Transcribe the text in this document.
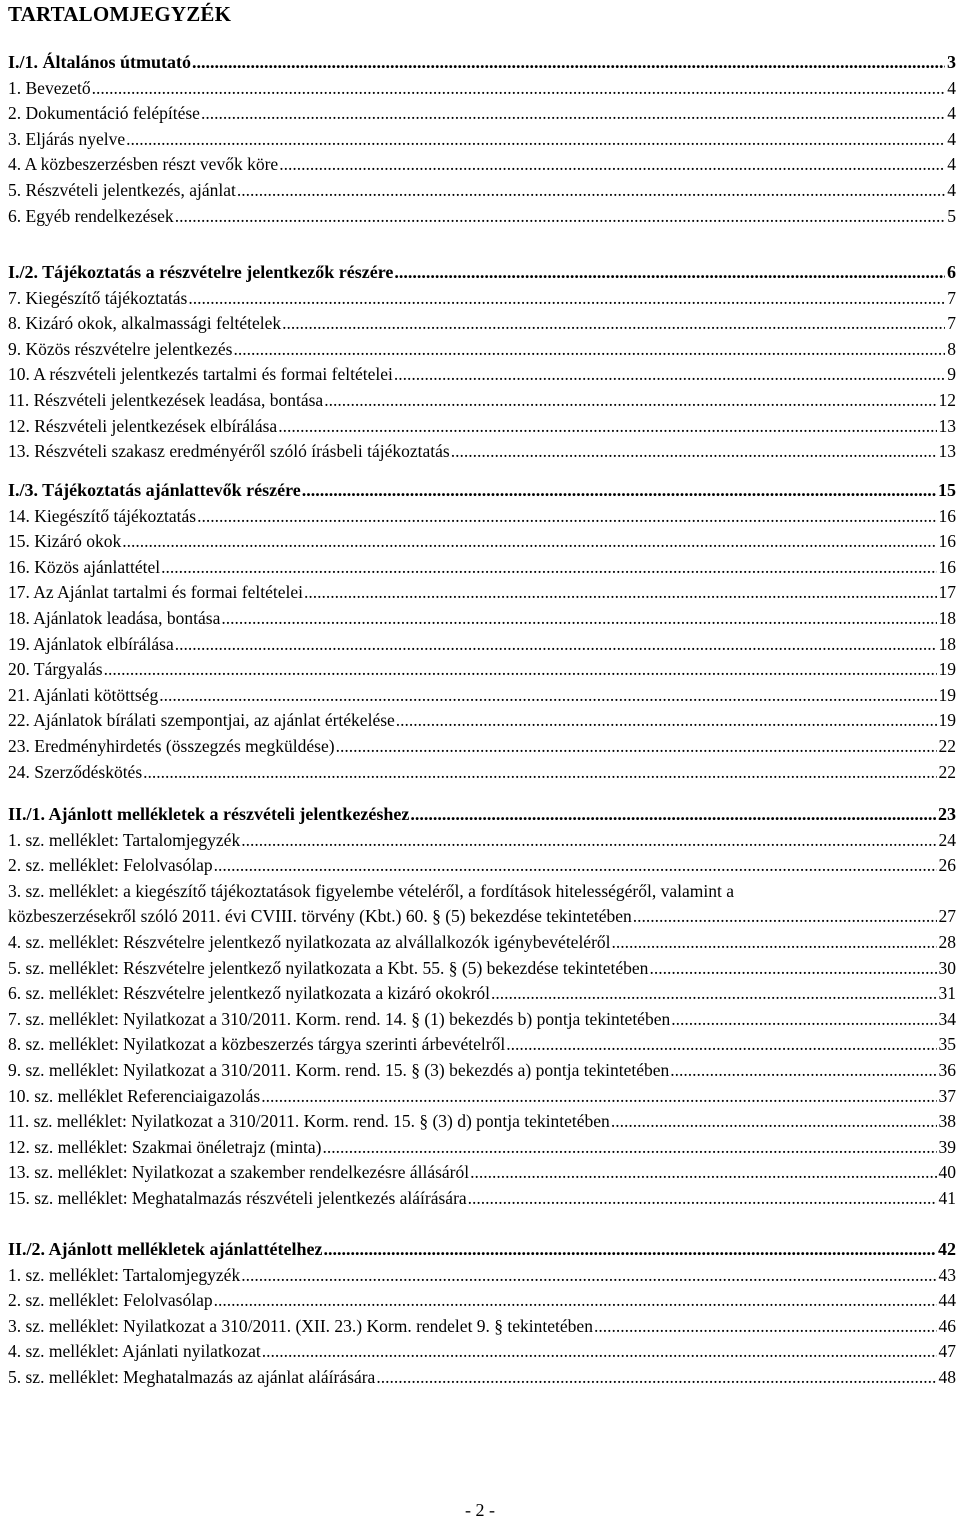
TARTALOMJEGYZÉK
I./1. Általános útmutató .....	3
1. Bevezető .....	4
2. Dokumentáció felépítése .....	4
3. Eljárás nyelve .....	4
4. A közbeszerzésben részt vevők köre .....	4
5. Részvételi jelentkezés, ajánlat .....	4
6. Egyéb rendelkezések .....	5
I./2. Tájékoztatás a részvételre jelentkezők részére .....	6
7. Kiegészítő tájékoztatás .....	7
8. Kizáró okok, alkalmassági feltételek .....	7
9. Közös részvételre jelentkezés .....	8
10. A részvételi jelentkezés tartalmi és formai feltételei .....	9
11. Részvételi jelentkezések leadása, bontása .....	12
12. Részvételi jelentkezések elbírálása .....	13
13. Részvételi szakasz eredményéről szóló írásbeli tájékoztatás .....	13
I./3. Tájékoztatás ajánlattevők részére .....	15
14. Kiegészítő tájékoztatás .....	16
15. Kizáró okok .....	16
16. Közös ajánlattétel .....	16
17. Az Ajánlat tartalmi és formai feltételei .....	17
18. Ajánlatok leadása, bontása .....	18
19. Ajánlatok elbírálása .....	18
20. Tárgyalás .....	19
21. Ajánlati kötöttség .....	19
22. Ajánlatok bírálati szempontjai, az ajánlat értékelése .....	19
23. Eredményhirdetés (összegzés megküldése) .....	22
24. Szerződéskötés .....	22
II./1. Ajánlott mellékletek a részvételi jelentkezéshez .....	23
1. sz. melléklet: Tartalomjegyzék .....	24
2. sz. melléklet: Felolvasólap .....	26
3. sz. melléklet: a kiegészítő tájékoztatások figyelembe vételéről, a fordítások hitelességéről, valamint a
közbeszerzésekről szóló 2011. évi CVIII. törvény (Kbt.) 60. § (5) bekezdése tekintetében .....	27
4. sz. melléklet: Részvételre jelentkező nyilatkozata az alvállalkozók igénybevételéről .....	28
5. sz. melléklet: Részvételre jelentkező nyilatkozata a Kbt. 55. § (5) bekezdése tekintetében .....	30
6. sz. melléklet: Részvételre jelentkező nyilatkozata a kizáró okokról .....	31
7. sz. melléklet: Nyilatkozat a 310/2011. Korm. rend. 14. § (1) bekezdés b) pontja tekintetében .....	34
8. sz. melléklet: Nyilatkozat a közbeszerzés tárgya szerinti árbevételről .....	35
9. sz. melléklet: Nyilatkozat a 310/2011. Korm. rend. 15. § (3) bekezdés a) pontja tekintetében .....	36
10. sz. melléklet Referenciaigazolás .....	37
11. sz. melléklet: Nyilatkozat a 310/2011. Korm. rend. 15. § (3) d) pontja tekintetében .....	38
12. sz. melléklet: Szakmai önéletrajz (minta) .....	39
13. sz. melléklet: Nyilatkozat a szakember rendelkezésre állásáról .....	40
15. sz. melléklet: Meghatalmazás részvételi jelentkezés aláírására .....	41
II./2. Ajánlott mellékletek ajánlattételhez .....	42
1. sz. melléklet: Tartalomjegyzék .....	43
2. sz. melléklet: Felolvasólap .....	44
3. sz. melléklet: Nyilatkozat a 310/2011. (XII. 23.) Korm. rendelet 9. § tekintetében .....	46
4. sz. melléklet: Ajánlati nyilatkozat .....	47
5. sz. melléklet: Meghatalmazás az ajánlat aláírására .....	48
- 2 -
